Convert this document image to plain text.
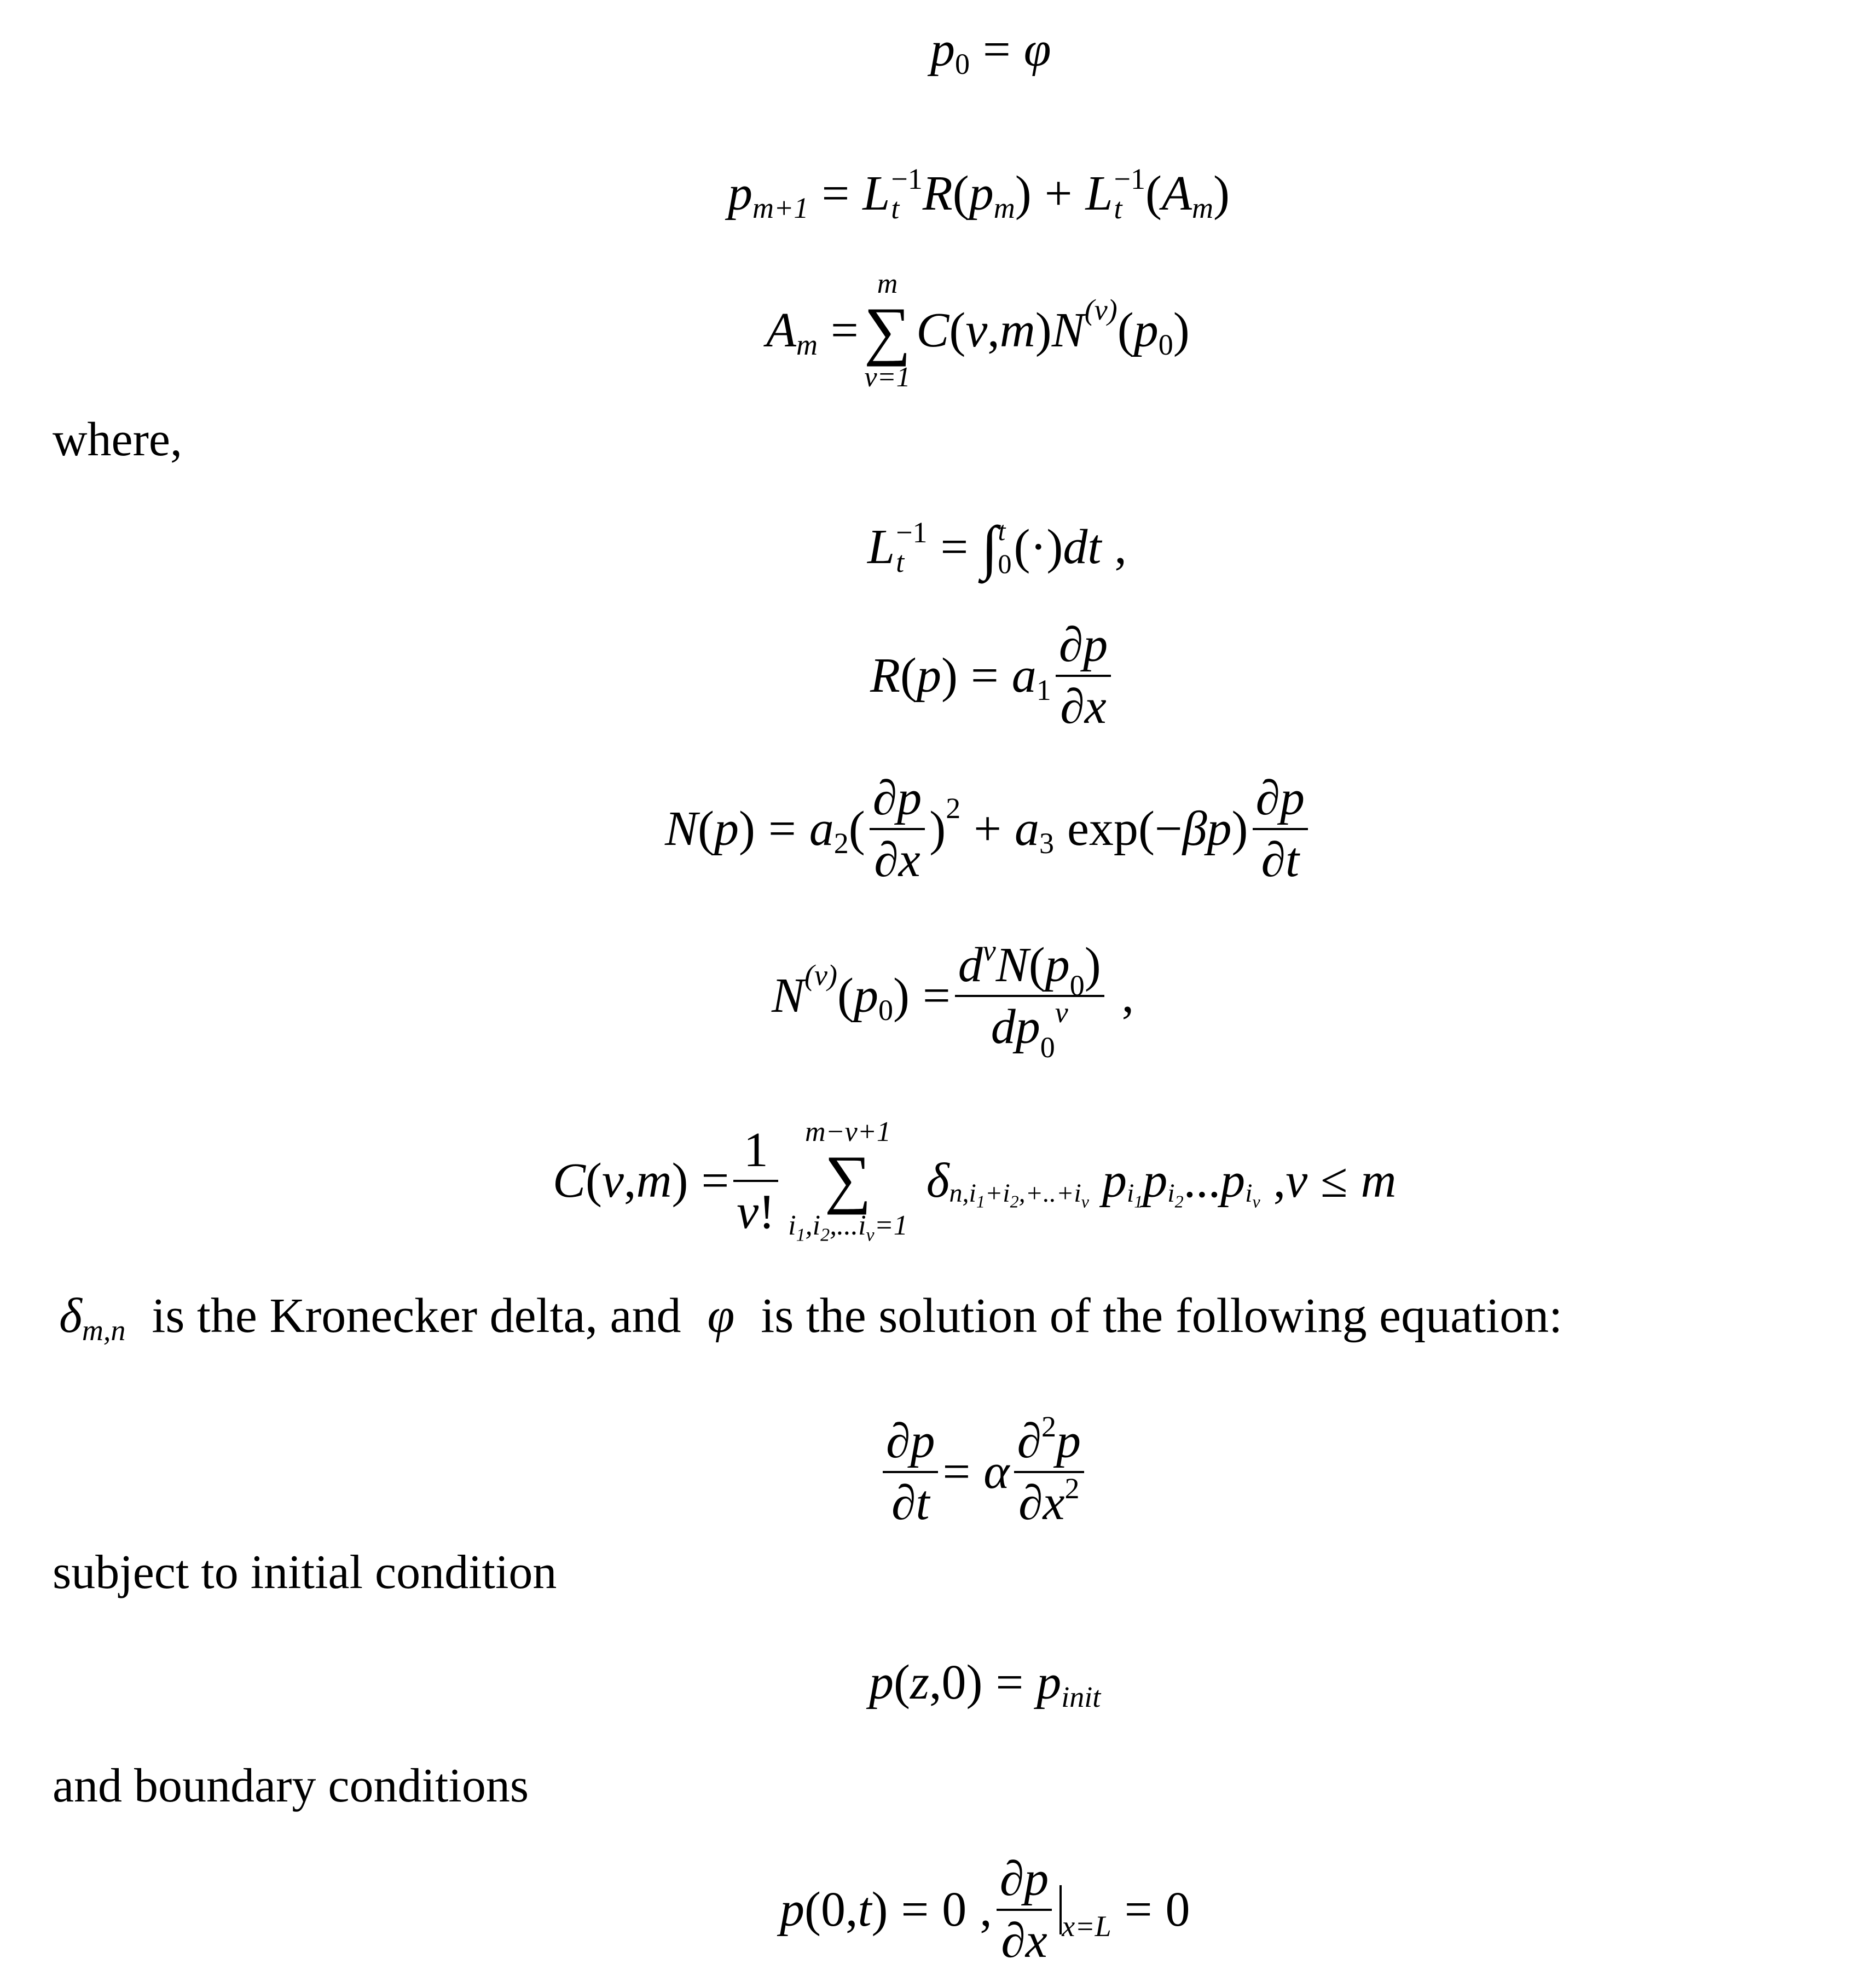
p 0 = φ
p m+1 = L −1
t R ( p m ) + L −1
t ( A m )
A m =
m
∑
v=1
C ( v , m ) N (v) ( p 0 )
where,
L −1
t = ∫ t
0 (·) d t ,
R ( p ) = a $1 \frac{\partial p}{\partial x}$
N ( p ) = a 2 ( $\frac{\partial p}{\partial x}$ ) 2 + a 3 exp ( − β p ) $\frac{\partial p}{\partial t}$
N (v) ( p 0 ) = $\frac{d^vN(p_0)}{dp_0^v}$ ,
C ( v , m ) = $\frac{1}{v!} m-v+1$
∑
$i_1,i_2,...i_v=1$
δ $n,i_1+i_2,+..+i_v$ p $i_1$ p $i_2$ ... p $i_v$ , v ≤ m
δ m,n is the Kronecker delta, and φ is the solution of the following equation:
$\frac{\partial p}{\partial t} = \alpha \frac{\partial^2p}{\partial x^2}$
subject to initial condition
p ( z , 0 ) = p init
and boundary conditions
p ( 0 , t ) = 0 , $\frac{\partial p}{\partial x} x=L = 0$
